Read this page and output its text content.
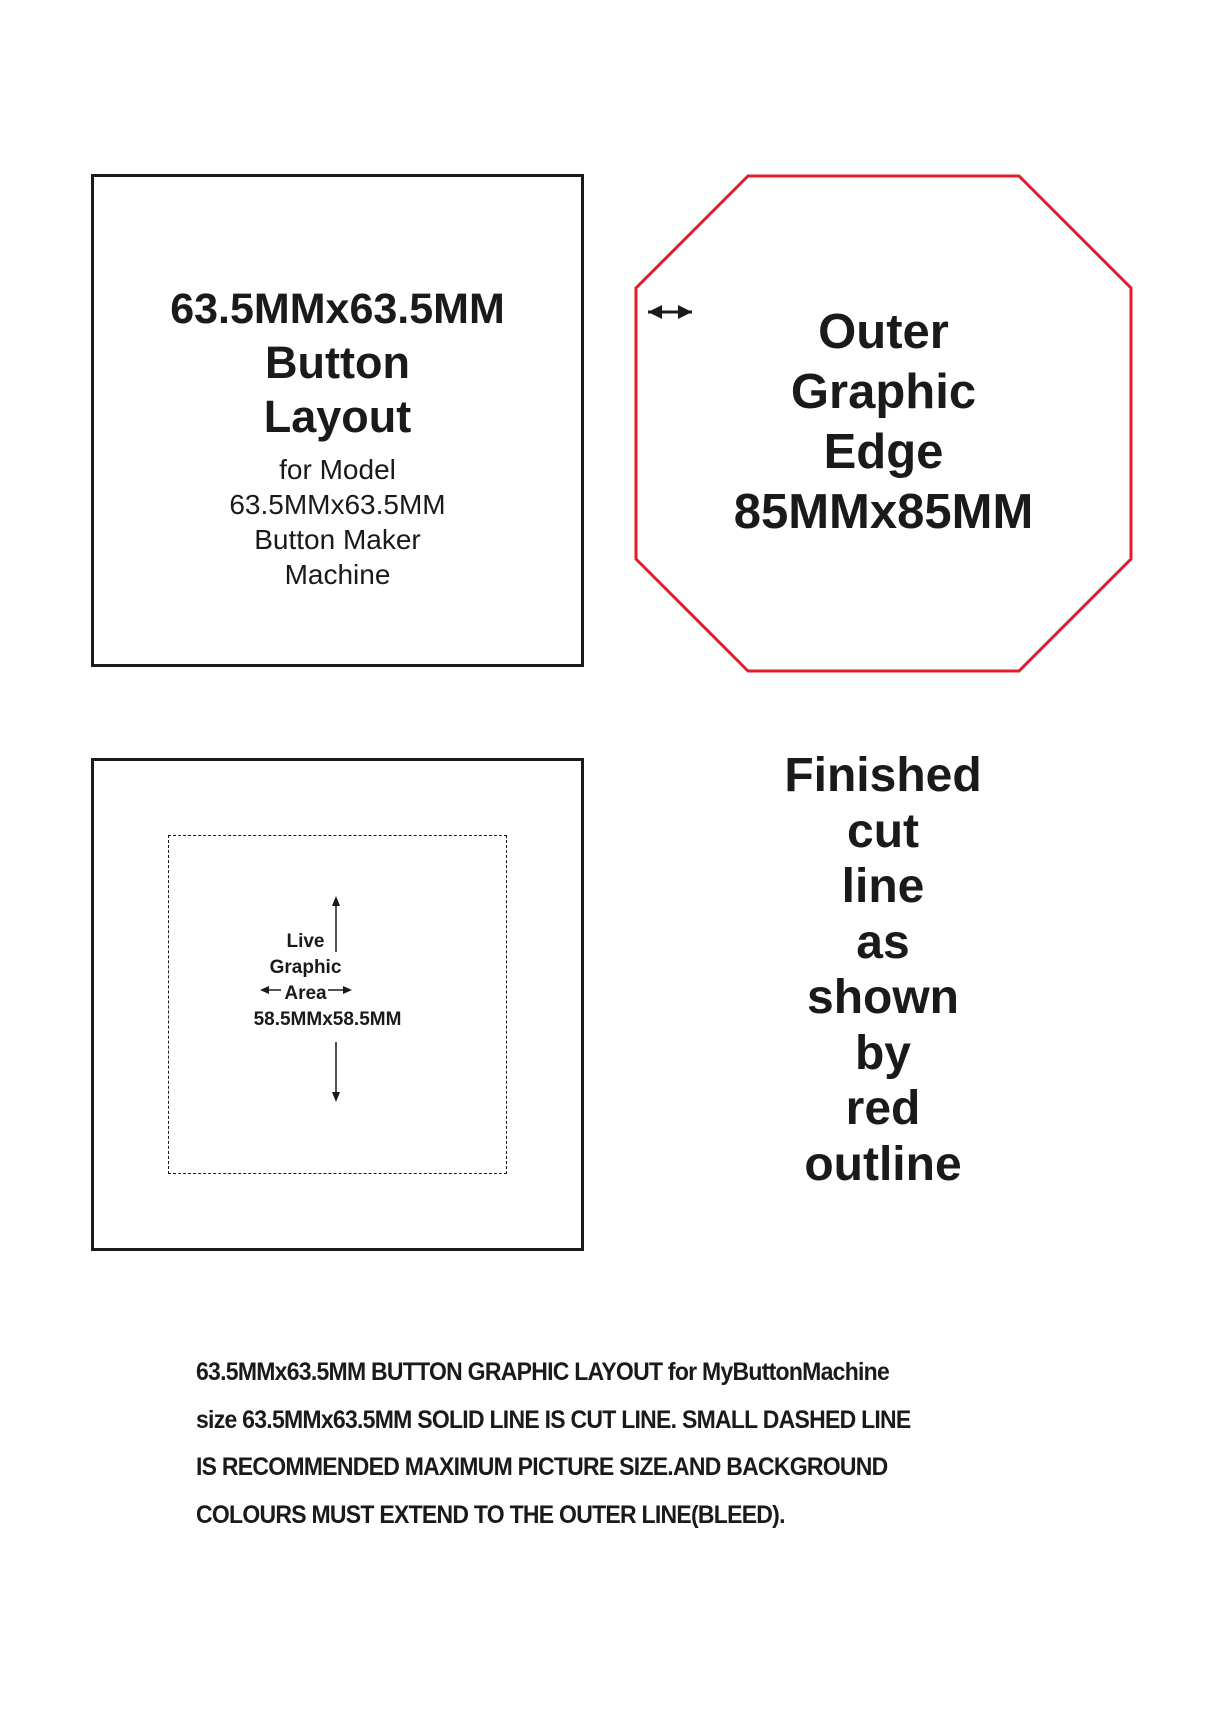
63.5MMx63.5MM
Button
Layout
for Model
63.5MMx63.5MM
Button Maker
Machine
Outer
Graphic
Edge
85MMx85MM
Live
Graphic
Area
58.5MMx58.5MM
Finished
cut
line
as
shown
by
red
outline
63.5MMx63.5MM BUTTON GRAPHIC LAYOUT for MyButtonMachine
size 63.5MMx63.5MM SOLID LINE IS CUT LINE. SMALL DASHED LINE
IS RECOMMENDED MAXIMUM PICTURE SIZE.AND BACKGROUND
COLOURS MUST EXTEND TO THE OUTER LINE(BLEED).
